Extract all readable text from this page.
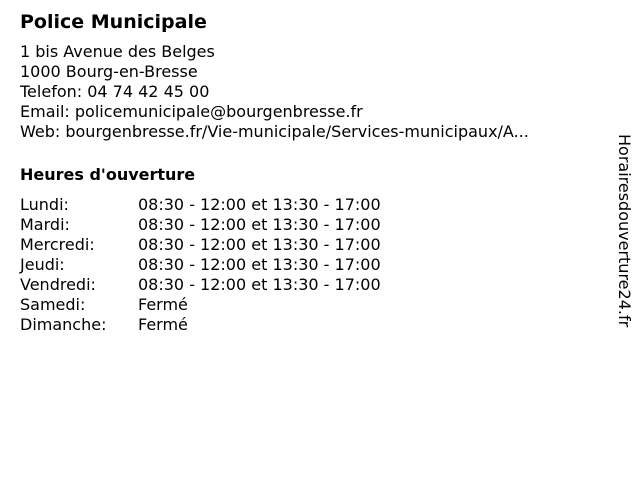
Police Municipale
1 bis Avenue des Belges
1000 Bourg-en-Bresse
Telefon: 04 74 42 45 00
Email: policemunicipale@bourgenbresse.fr
Web: bourgenbresse.fr/Vie-municipale/Services-municipaux/A...
Heures d'ouverture
Lundi:	08:30 - 12:00 et 13:30 - 17:00
Mardi:	08:30 - 12:00 et 13:30 - 17:00
Mercredi:	08:30 - 12:00 et 13:30 - 17:00
Jeudi:	08:30 - 12:00 et 13:30 - 17:00
Vendredi:	08:30 - 12:00 et 13:30 - 17:00
Samedi:	Fermé
Dimanche:	Fermé	Horairesdouverture24.fr
